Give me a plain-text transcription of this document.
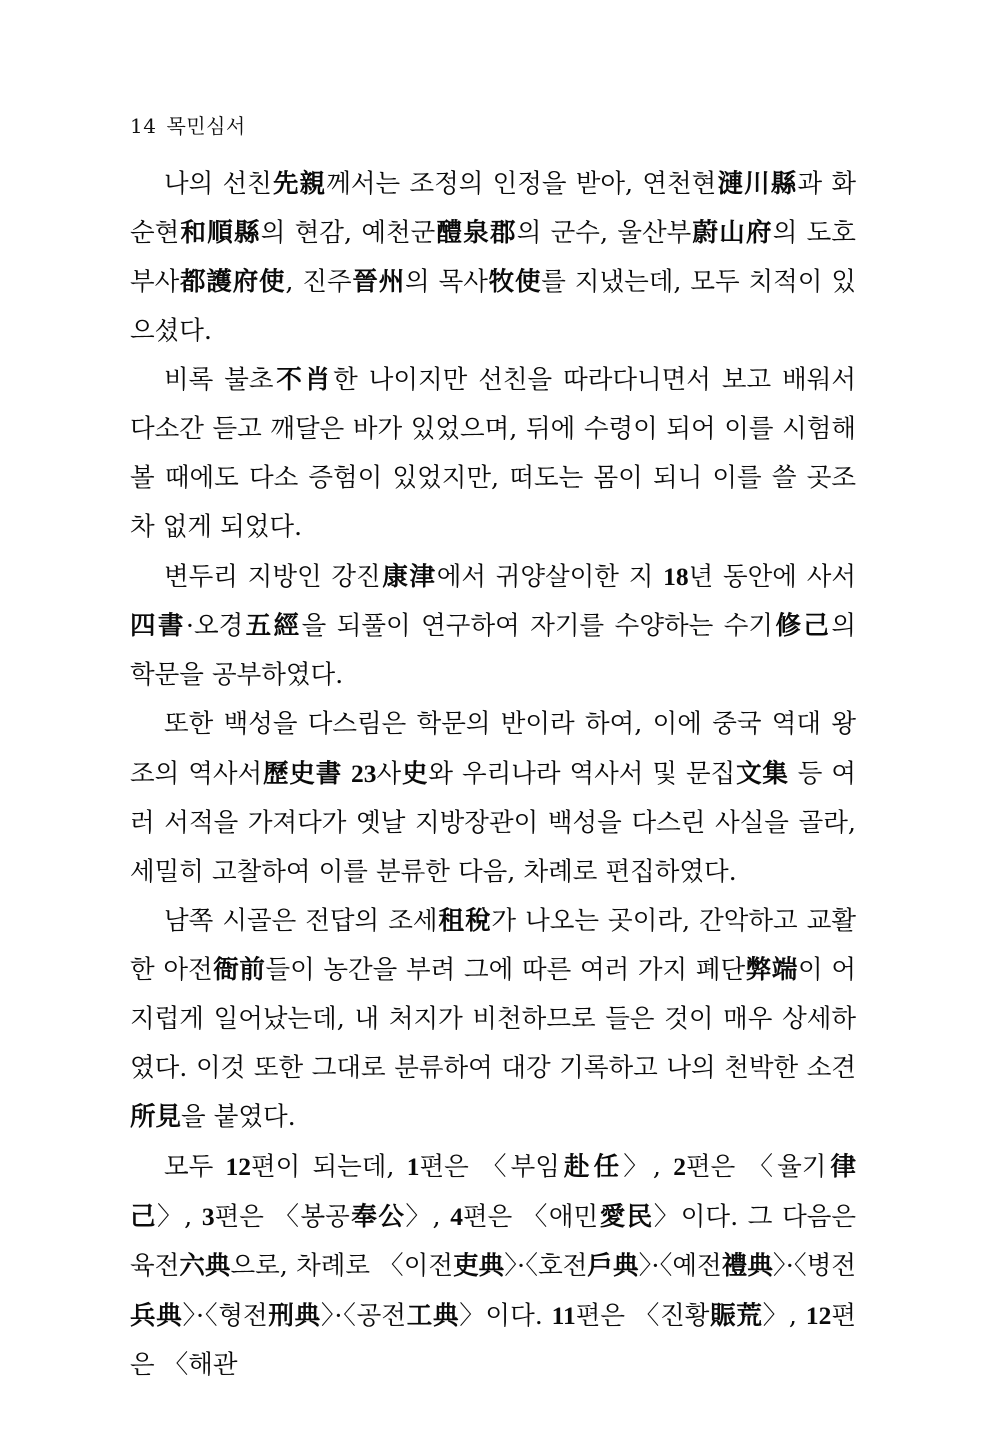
14 목민심서

나의 선친先親께서는 조정의 인정을 받아, 연천현漣川縣과 화순현和順縣의 현감, 예천군醴泉郡의 군수, 울산부蔚山府의 도호부사都護府使, 진주晉州의 목사牧使를 지냈는데, 모두 치적이 있으셨다.

비록 불초不肖한 나이지만 선친을 따라다니면서 보고 배워서 다소간 듣고 깨달은 바가 있었으며, 뒤에 수령이 되어 이를 시험해 볼 때에도 다소 증험이 있었지만, 떠도는 몸이 되니 이를 쓸 곳조차 없게 되었다.

변두리 지방인 강진康津에서 귀양살이한 지 18년 동안에 사서四書·오경五經을 되풀이 연구하여 자기를 수양하는 수기修己의 학문을 공부하였다.

또한 백성을 다스림은 학문의 반이라 하여, 이에 중국 역대 왕조의 역사서歷史書 23사史와 우리나라 역사서 및 문집文集 등 여러 서적을 가져다가 옛날 지방장관이 백성을 다스린 사실을 골라, 세밀히 고찰하여 이를 분류한 다음, 차례로 편집하였다.

남쪽 시골은 전답의 조세租稅가 나오는 곳이라, 간악하고 교활한 아전衙前들이 농간을 부려 그에 따른 여러 가지 폐단弊端이 어지럽게 일어났는데, 내 처지가 비천하므로 들은 것이 매우 상세하였다. 이것 또한 그대로 분류하여 대강 기록하고 나의 천박한 소견所見을 붙였다.

모두 12편이 되는데, 1편은 〈부임赴任〉, 2편은 〈율기律己〉, 3편은 〈봉공奉公〉, 4편은 〈애민愛民〉이다. 그 다음은 육전六典으로, 차례로 〈이전吏典〉·〈호전戶典〉·〈예전禮典〉·〈병전兵典〉·〈형전刑典〉·〈공전工典〉이다. 11편은 〈진황賑荒〉, 12편은 〈해관
